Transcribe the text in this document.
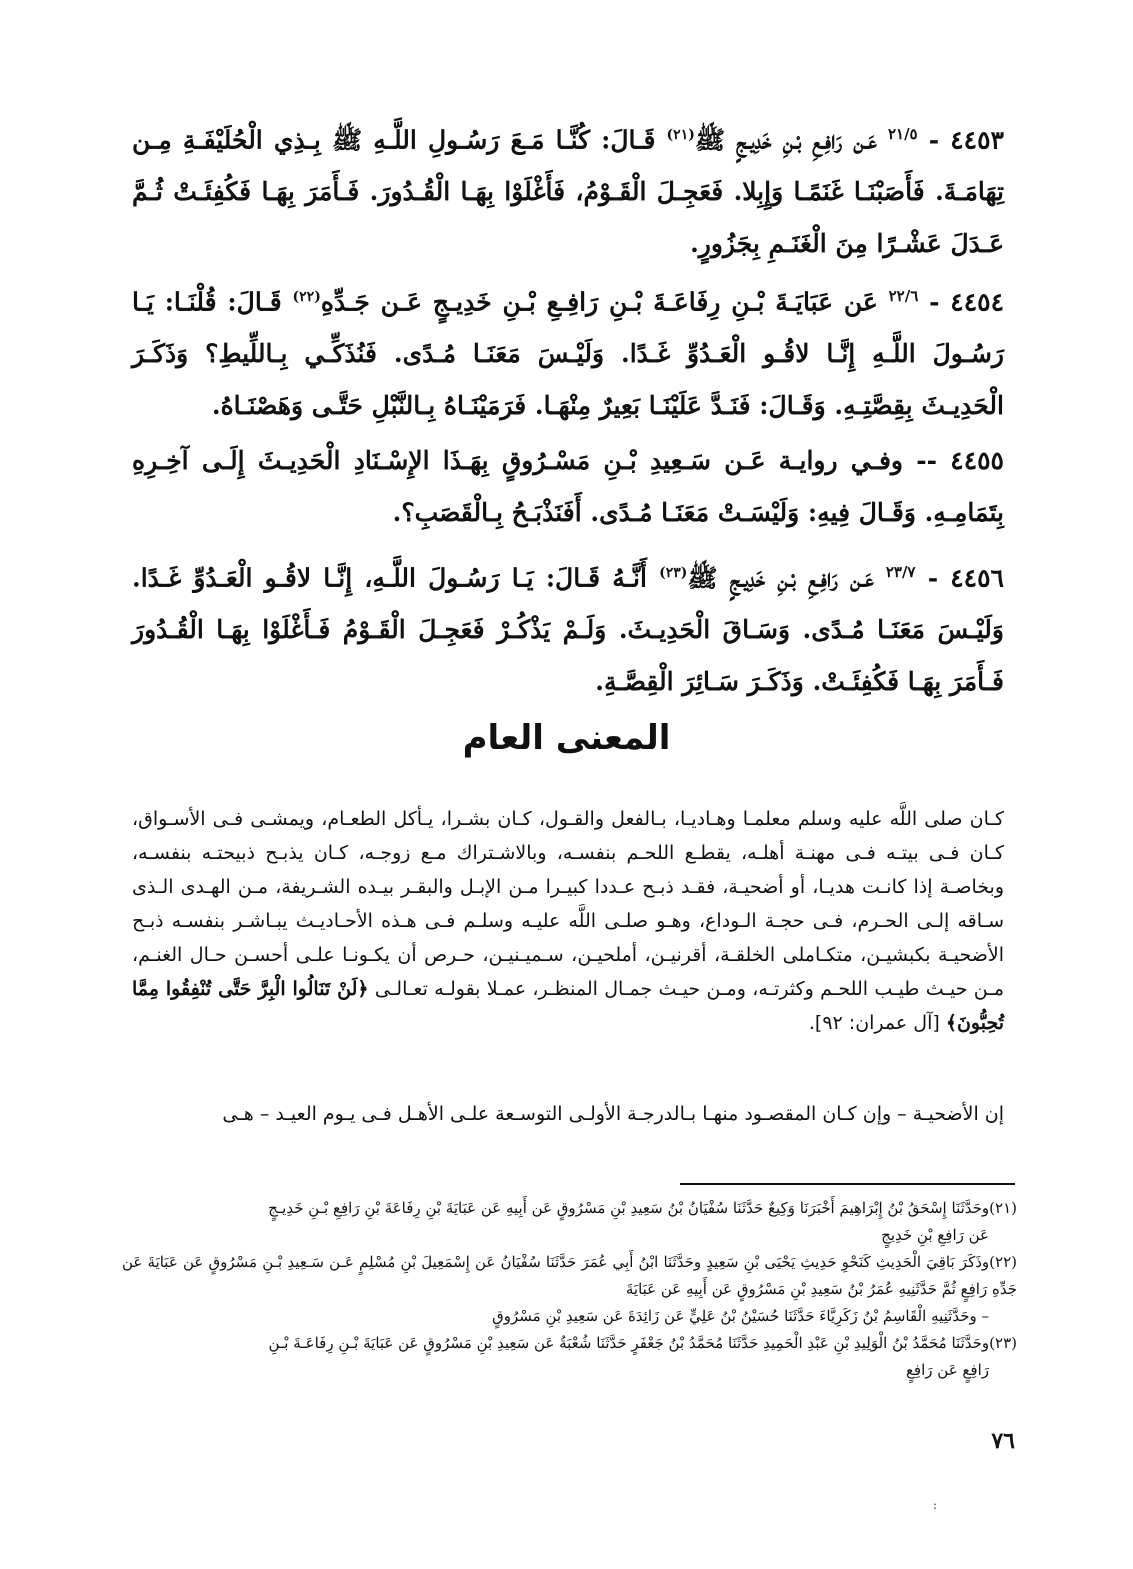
٤٤٥٣ - $^{٢١/٥}$ عَـن رَافِـعِ بْـنِ خَدِيـجٍ ﷺ$^{(٢١)}$ قَـالَ: كُنَّـا مَـعَ رَسُـولِ اللَّـهِ ﷺ بِـذِي الْحُلَيْفَـةِ مِـن تِهَامَـةَ. فَأَصَبْنَـا غَنَمًـا وَإِبِلا. فَعَجِـلَ الْقَـوْمُ، فَأَغْلَوْا بِهَـا الْقُـدُورَ. فَـأَمَرَ بِهَـا فَكُفِئَـتْ ثُـمَّ عَـدَلَ عَشْـرًا مِنَ الْغَنَـمِ بِجَزُورٍ.
٤٤٥٤ - $^{٢٢/٦}$ عَن عَبَايَـةَ بْـنِ رِفَاعَـةَ بْـنِ رَافِـعِ بْـنِ خَدِيـجٍ عَـن جَـدِّهِ$^{(٢٢)}$ قَـالَ: قُلْنَـا: يَـا رَسُـولَ اللَّـهِ إِنَّـا لاقُـو الْعَـدُوِّ غَـدًا. وَلَيْـسَ مَعَنَـا مُـدًى. فَنُذَكِّـي بِـاللِّيطِ؟ وَذَكَـرَ الْحَدِيـثَ بِقِصَّتِـهِ. وَقَـالَ: فَنَـدَّ عَلَيْنَـا بَعِيرٌ مِنْهَـا. فَرَمَيْنَـاهُ بِـالنَّبْلِ حَتَّـى وَهَصْنَـاهُ.
٤٤٥٥ -- وفـي روايـة عَـن سَـعِيدِ بْـنِ مَسْـرُوقٍ بِهَـذَا الإِسْـنَادِ الْحَدِيـثَ إِلَـى آخِـرِهِ بِتَمَامِـهِ. وَقَـالَ فِيهِ: وَلَيْسَـتْ مَعَنَـا مُـدًى. أَفَنَذْبَـحُ بِـالْقَصَبِ؟.
٤٤٥٦ - $^{٢٣/٧}$ عَـن رَافِـعِ بْـنِ خَدِيـجٍ ﷺ$^{(٢٣)}$ أَنَّـهُ قَـالَ: يَـا رَسُـولَ اللَّـهِ، إِنَّـا لاقُـو الْعَـدُوِّ غَـدًا. وَلَيْـسَ مَعَنَـا مُـدًى. وَسَـاقَ الْحَدِيـثَ. وَلَـمْ يَذْكُـرْ فَعَجِـلَ الْقَـوْمُ فَـأَغْلَوْا بِهَـا الْقُـدُورَ فَـأَمَرَ بِهَـا فَكُفِئَـتْ. وَذَكَـرَ سَـائِرَ الْقِصَّـةِ.
المعنى العام
كـان صلى اللَّه عليه وسلم معلمـا وهـاديـا، بـالفعل والقـول، كـان بشـرا، يـأكل الطعـام، ويمشـى فـى الأسـواق، كـان فـى بيتـه فـى مهنـة أهلـه، يقطـع اللحـم بنفسـه، وبالاشـتراك مـع زوجـه، كـان يذبـح ذبيحتـه بنفسـه، وبخاصـة إذا كانـت هديـا، أو أضحيـة، فقـد ذبـح عـددا كبيـرا مـن الإبـل والبقـر بيـده الشـريفة، مـن الهـدى الـذى سـاقه إلـى الحـرم، فـى حجـة الـوداع، وهـو صلـى اللَّه عليـه وسلـم فـى هـذه الأحـاديـث يبـاشـر بنفسـه ذبـح الأضحيـة بكبشيـن، متكـاملى الخلقـة، أقرنيـن، أملحيـن، سـميـنيـن، حـرص أن يكـونـا علـى أحسـن حـال الغنـم، مـن حيـث طيـب اللحـم وكثرتـه، ومـن حيـث جمـال المنظـر، عمـلا بقولـه تعـالـى ﴿لَنْ تَنَالُوا الْبِرَّ حَتَّى تُنْفِقُوا مِمَّا تُحِبُّونَ﴾ [آل عمران: ٩٢].
إن الأضحيـة – وإن كـان المقصـود منهـا بـالدرجـة الأولـى التوسـعة علـى الأهـل فـى يـوم العيـد – هـى

(٢١)وحَدَّثَنَا إِسْحَقُ بْنُ إِبْرَاهِيمَ أَخْبَرَنَا وَكِيعٌ حَدَّثَنَا سُفْيَانُ بْنُ سَعِيدِ بْنِ مَسْرُوقٍ عَن أَبِيهِ عَن عَبَايَةَ بْنِ رِفَاعَةَ بْنِ رَافِعِ بْـنِ خَدِيـجٍ

عَن رَافِعِ بْنِ خَدِيجٍ

(٢٢)وذَكَرَ بَاقِيَ الْحَدِيثِ كَنَحْوِ حَدِيثِ يَحْيَى بْنِ سَعِيدٍ وحَدَّثَنَا ابْنُ أَبِي عُمَرَ حَدَّثَنَا سُفْيَانُ عَن إِسْمَعِيلَ بْنِ مُسْلِمٍ عَـن سَـعِيدِ بْـنِ مَسْرُوقٍ عَن عَبَايَةَ عَن جَدِّهِ رَافِعٍ ثُمَّ حَدَّثَنِيهِ عُمَرُ بْنُ سَعِيدِ بْنِ مَسْرُوقٍ عَن أَبِيهِ عَن عَبَايَةَ

– وحَدَّثَنِيهِ الْقَاسِمُ بْنُ زَكَرِيَّاءَ حَدَّثَنَا حُسَيْنُ بْنُ عَلِيٍّ عَن زَائِدَةَ عَن سَعِيدِ بْنِ مَسْرُوقٍ

(٢٣)وحَدَّثَنَا مُحَمَّدُ بْنُ الْوَلِيدِ بْنِ عَبْدِ الْحَمِيدِ حَدَّثَنَا مُحَمَّدُ بْنُ جَعْفَرٍ حَدَّثَنَا شُعْبَةُ عَن سَعِيدِ بْنِ مَسْرُوقٍ عَن عَبَايَةَ بْـنِ رِفَاعَـةَ بْـنِ

رَافِعٍ عَن رَافِعٍ

٧٦
:
